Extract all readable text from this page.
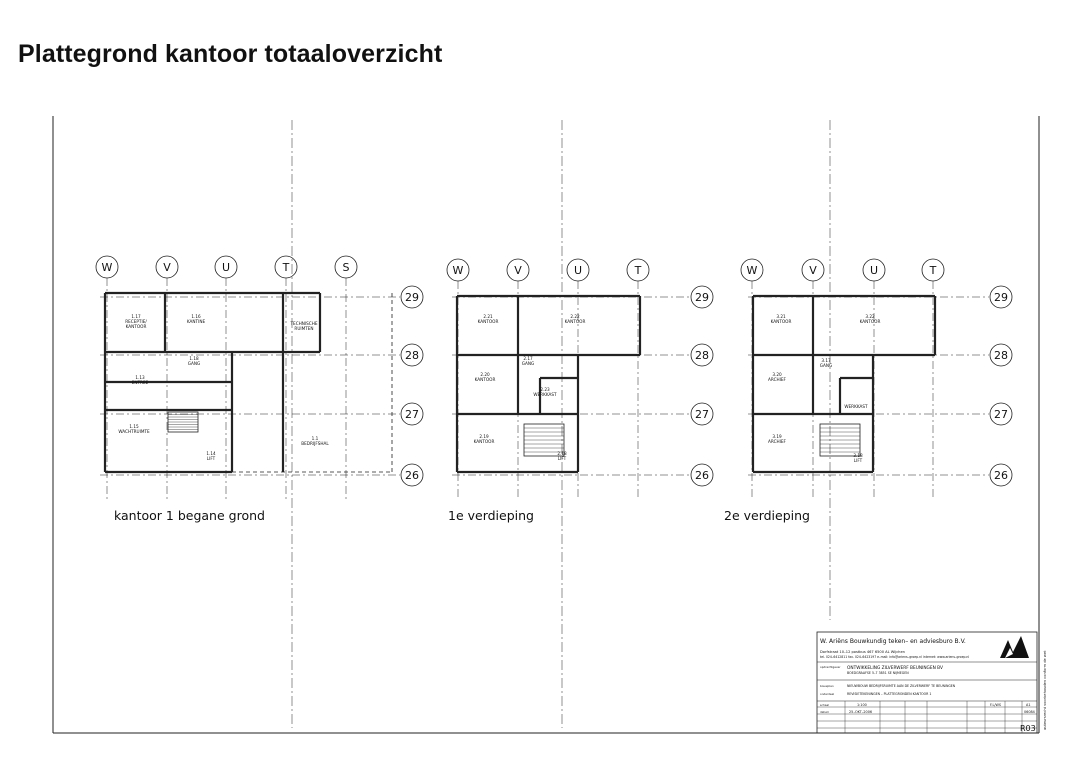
Plattegrond kantoor totaaloverzicht
W	V	U	T	S
29
28
27
26
1.17
RECEPTIE/ KANTOOR
1.16
KANTINE	TECHNISCHE RUIMTEN
1.18
GANG
1.13
ENTREE
1.15
WACHTRUIMTE
1.1
BEDRIJFSHAL
1.14
LIFT
kantoor 1 begane grond
W	V	U	T
29
28
27
26
2.21
KANTOOR
2.22
KANTOOR
2.17
GANG
2.20
KANTOOR
2.23
WERKKAST
2.19
KANTOOR
2.18
LIFT
1e verdieping
W	V	U	T
29
28
27
26
3.21
KANTOOR
3.22
KANTOOR
3.17
GANG
3.20
ARCHIEF
WERKKAST
3.19
ARCHIEF
3.18
LIFT
2e verdieping
W. Ariëns Bouwkundig teken– en adviesburo B.V.
Dorfstraat 10–12 postbus 467 6500 AL Wijchen
tel. 024–6412811 fax. 024–6423197 e–mail: info@ariens–groep.nl internet: www.ariens–groep.nl
opdrachtgever ONTWIKKELING ZILVERWERF BEUNINGEN BV
BOEDGRAAFSE 5–7 3851 SE NIJMEGEN
bouwplan	NIEUWBOUW BEDRIJFSRUIMTE AAN DE ZILVERWERF TE BEUNINGEN
onderdeel	REVISIETEKENINGEN – PLATTEGRONDEN KANTOOR 1
schaal	1:100
datum	25–OKT–2006
F.L/WS	A1
06084
R03 auteursrecht voorbehouden conform de wet
